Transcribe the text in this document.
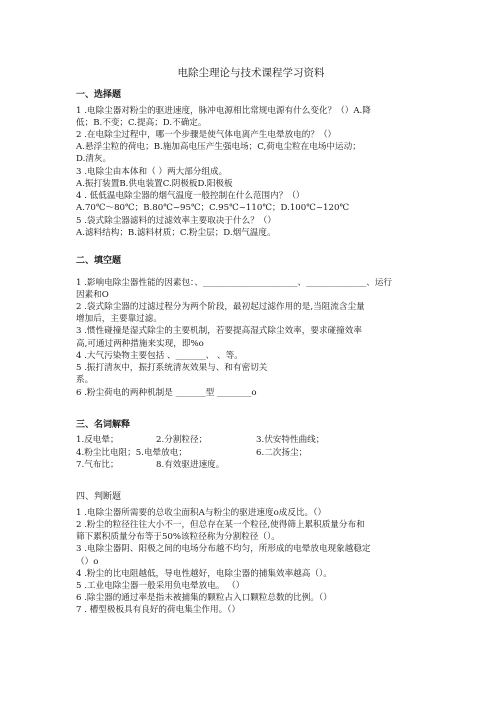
电除尘理论与技术课程学习资料
一、选择题

1 .电除尘器对粉尘的驱进速度，脉冲电源相比常规电源有什么变化？（）A.降

低；B.不变；C.提高；D.不确定。

2 .在电除尘过程中，哪一个步骤是使气体电离产生电晕放电的？（）

A.悬浮尘粒的荷电；B.施加高电压产生强电场；C,荷电尘粒在电场中运动；

D.清灰。

3 .电除尘由本体和（ ）两大部分组成。

A.振打装置B.供电装置C.阴极板D.阳极板

4 . 低低温电除尘器的烟气温度一般控制在什么范围内？（）

A.70℃～80℃；B.80℃~95℃；C.95℃~110℃；D.100℃~120℃

5 .袋式除尘器滤料的过滤效率主要取决于什么？（）

A.滤料结构；B.滤料材质；C.粉尘层；D.烟气温度。

二、填空题

1 .影响电除尘器性能的因素包：、______________________、______________、运行

因素和O

2 .袋式除尘器的过滤过程分为两个阶段，最初起过滤作用的是,当阻流含尘量

增加后，主要靠过滤。

3 .惯性碰撞是湿式除尘的主要机制，若要提高湿式除尘效率，要求碰撞效率

高,可通过两种措施来实现，即%o

4 .大气污染物主要包括 、_______、 、等。

5 .振打清灰中，振打系统清灰效果与、和有密切关

系。

6 .粉尘荷电的两种机制是 _______型 ________o

三、名词解释
1.反电晕；	2.分割粒径；	3.伏安特性曲线；
4.粉尘比电阻；5.电晕放电；	6.二次扬尘；
7.气布比；	8.有效驱进速度。
四、判断题

1 .电除尘器所需要的总收尘面积A与粉尘的驱进速度o成反比。（）

2 .粉尘的粒径往往大小不一，但总存在某一个粒径,使得筛上累积质量分布和

筛下累积质量分布等于50%该粒径称为分割粒径（）。

3 .电除尘器阴、阳极之间的电场分布越不均匀，所形成的电晕放电现象越稳定

（）o

4 .粉尘的比电阻越低，导电性越好，电除尘器的捕集效率越高（）。

5 .工业电除尘器一般采用负电晕放电。 （）

6 .除尘器的通过率是指未被捕集的颗粒占入口颗粒总数的比例。（）

7 . 槽型极板具有良好的荷电集尘作用。（）
